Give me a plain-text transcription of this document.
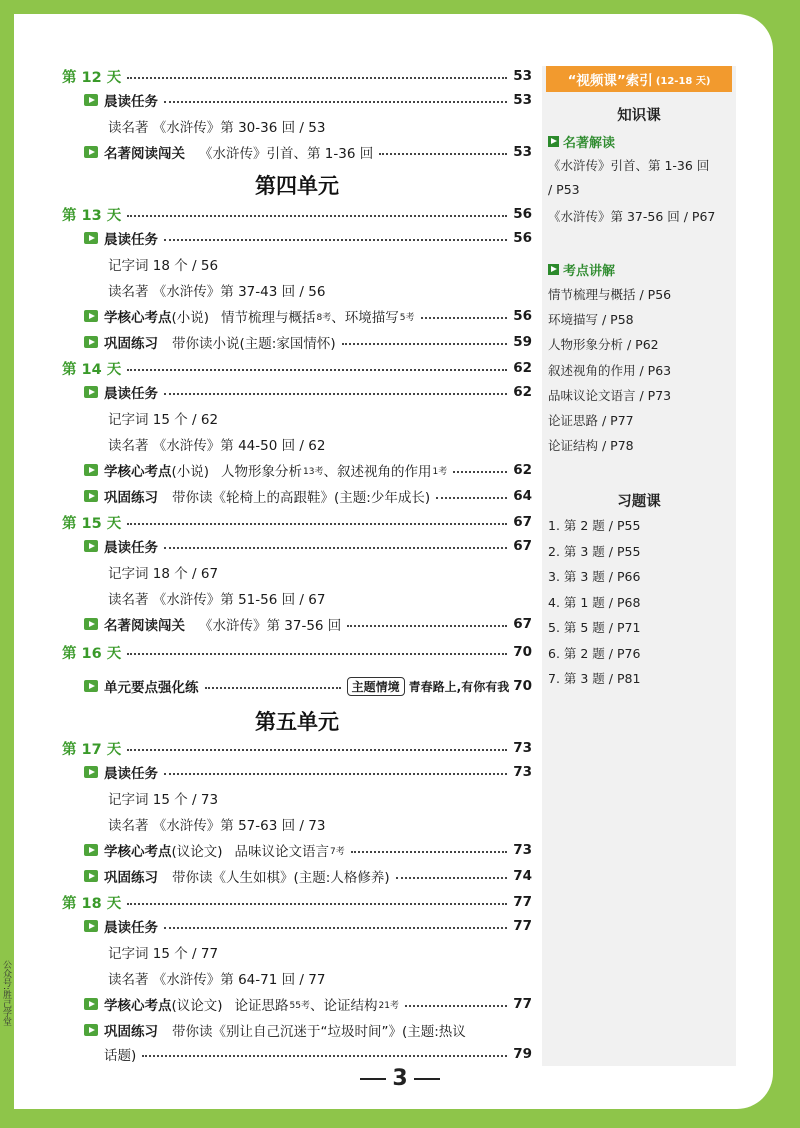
公众号:胜己学堂
第 12 天	53
晨读任务	53
读名著 《水浒传》第 30-36 回 / 53
名著阅读闯关 《水浒传》引首、第 1-36 回	53
第四单元
第 13 天	56
晨读任务	56
记字词 18 个 / 56
读名著 《水浒传》第 37-43 回 / 56
学核心考点 (小说) 情节梳理与概括 8考 、环境描写 5考	56
巩固练习 带你读小说(主题:家国情怀)	59
第 14 天	62
晨读任务	62
记字词 15 个 / 62
读名著 《水浒传》第 44-50 回 / 62
学核心考点 (小说) 人物形象分析 13考 、叙述视角的作用 1考	62
巩固练习 带你读《轮椅上的高跟鞋》(主题:少年成长)	64
第 15 天	67
晨读任务	67
记字词 18 个 / 67
读名著 《水浒传》第 51-56 回 / 67
名著阅读闯关 《水浒传》第 37-56 回	67
第 16 天	70
单元要点强化练	主题情境 青春路上,有你有我 70
第五单元
第 17 天	73
晨读任务	73
记字词 15 个 / 73
读名著 《水浒传》第 57-63 回 / 73
学核心考点 (议论文) 品味议论文语言 7考	73
巩固练习 带你读《人生如棋》(主题:人格修养)	74
第 18 天	77
晨读任务	77
记字词 15 个 / 77
读名著 《水浒传》第 64-71 回 / 77
学核心考点 (议论文) 论证思路 55考 、论证结构 21考	77
巩固练习 带你读《别让自己沉迷于“垃圾时间”》(主题:热议
话题)	79
“视频课”索引 (12-18 天)
知识课
名著解读
《水浒传》引首、第 1-36 回
/ P53
《水浒传》第 37-56 回 / P67
考点讲解
情节梳理与概括 / P56
环境描写 / P58
人物形象分析 / P62
叙述视角的作用 / P63
品味议论文语言 / P73
论证思路 / P77
论证结构 / P78
习题课
1. 第 2 题 / P55
2. 第 3 题 / P55
3. 第 3 题 / P66
4. 第 1 题 / P68
5. 第 5 题 / P71
6. 第 2 题 / P76
7. 第 3 题 / P81
3
